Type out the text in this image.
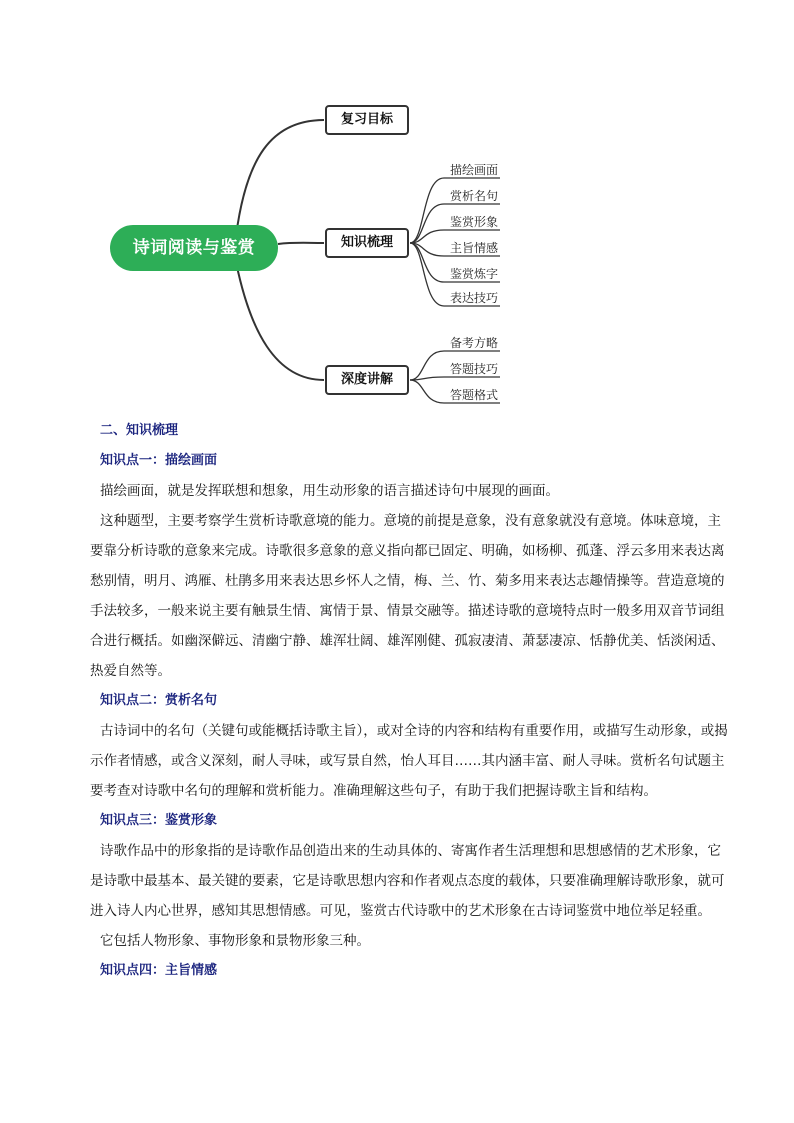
诗词阅读与鉴赏
复习目标
知识梳理
深度讲解
描绘画面
赏析名句
鉴赏形象
主旨情感
鉴赏炼字
表达技巧
备考方略
答题技巧
答题格式

二、知识梳理

知识点一：描绘画面

描绘画面，就是发挥联想和想象，用生动形象的语言描述诗句中展现的画面。

这种题型，主要考察学生赏析诗歌意境的能力。意境的前提是意象，没有意象就没有意境。体味意境，主要靠分析诗歌的意象来完成。诗歌很多意象的意义指向都已固定、明确，如杨柳、孤蓬、浮云多用来表达离愁别情，明月、鸿雁、杜鹃多用来表达思乡怀人之情，梅、兰、竹、菊多用来表达志趣情操等。营造意境的手法较多，一般来说主要有触景生情、寓情于景、情景交融等。描述诗歌的意境特点时一般多用双音节词组合进行概括。如幽深僻远、清幽宁静、雄浑壮阔、雄浑刚健、孤寂凄清、萧瑟凄凉、恬静优美、恬淡闲适、热爱自然等。

知识点二：赏析名句

古诗词中的名句（关键句或能概括诗歌主旨），或对全诗的内容和结构有重要作用，或描写生动形象，或揭示作者情感，或含义深刻，耐人寻味，或写景自然，怡人耳目……其内涵丰富、耐人寻味。赏析名句试题主要考查对诗歌中名句的理解和赏析能力。准确理解这些句子，有助于我们把握诗歌主旨和结构。

知识点三：鉴赏形象

诗歌作品中的形象指的是诗歌作品创造出来的生动具体的、寄寓作者生活理想和思想感情的艺术形象，它是诗歌中最基本、最关键的要素，它是诗歌思想内容和作者观点态度的载体，只要准确理解诗歌形象，就可进入诗人内心世界，感知其思想情感。可见，鉴赏古代诗歌中的艺术形象在古诗词鉴赏中地位举足轻重。

它包括人物形象、事物形象和景物形象三种。

知识点四：主旨情感
